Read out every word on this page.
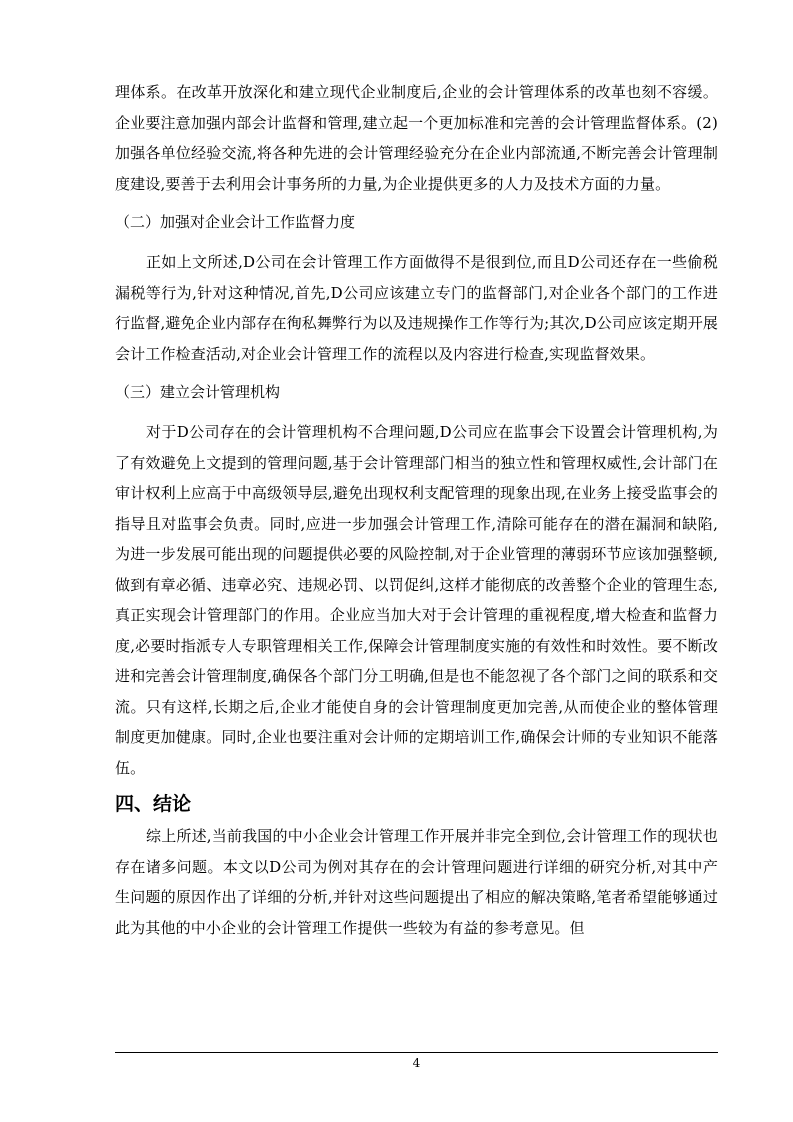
理体系。在改革开放深化和建立现代企业制度后,企业的会计管理体系的改革也刻不容缓。企业要注意加强内部会计监督和管理,建立起一个更加标准和完善的会计管理监督体系。(2)加强各单位经验交流,将各种先进的会计管理经验充分在企业内部流通,不断完善会计管理制度建设,要善于去利用会计事务所的力量,为企业提供更多的人力及技术方面的力量。

（二）加强对企业会计工作监督力度

正如上文所述,D公司在会计管理工作方面做得不是很到位,而且D公司还存在一些偷税漏税等行为,针对这种情况,首先,D公司应该建立专门的监督部门,对企业各个部门的工作进行监督,避免企业内部存在徇私舞弊行为以及违规操作工作等行为;其次,D公司应该定期开展会计工作检查活动,对企业会计管理工作的流程以及内容进行检查,实现监督效果。

（三）建立会计管理机构

对于D公司存在的会计管理机构不合理问题,D公司应在监事会下设置会计管理机构,为了有效避免上文提到的管理问题,基于会计管理部门相当的独立性和管理权威性,会计部门在审计权利上应高于中高级领导层,避免出现权利支配管理的现象出现,在业务上接受监事会的指导且对监事会负责。同时,应进一步加强会计管理工作,清除可能存在的潜在漏洞和缺陷,为进一步发展可能出现的问题提供必要的风险控制,对于企业管理的薄弱环节应该加强整顿,做到有章必循、违章必究、违规必罚、以罚促纠,这样才能彻底的改善整个企业的管理生态,真正实现会计管理部门的作用。企业应当加大对于会计管理的重视程度,增大检查和监督力度,必要时指派专人专职管理相关工作,保障会计管理制度实施的有效性和时效性。要不断改进和完善会计管理制度,确保各个部门分工明确,但是也不能忽视了各个部门之间的联系和交流。只有这样,长期之后,企业才能使自身的会计管理制度更加完善,从而使企业的整体管理制度更加健康。同时,企业也要注重对会计师的定期培训工作,确保会计师的专业知识不能落伍。

四、结论

综上所述,当前我国的中小企业会计管理工作开展并非完全到位,会计管理工作的现状也存在诸多问题。本文以D公司为例对其存在的会计管理问题进行详细的研究分析,对其中产生问题的原因作出了详细的分析,并针对这些问题提出了相应的解决策略,笔者希望能够通过此为其他的中小企业的会计管理工作提供一些较为有益的参考意见。但

4
